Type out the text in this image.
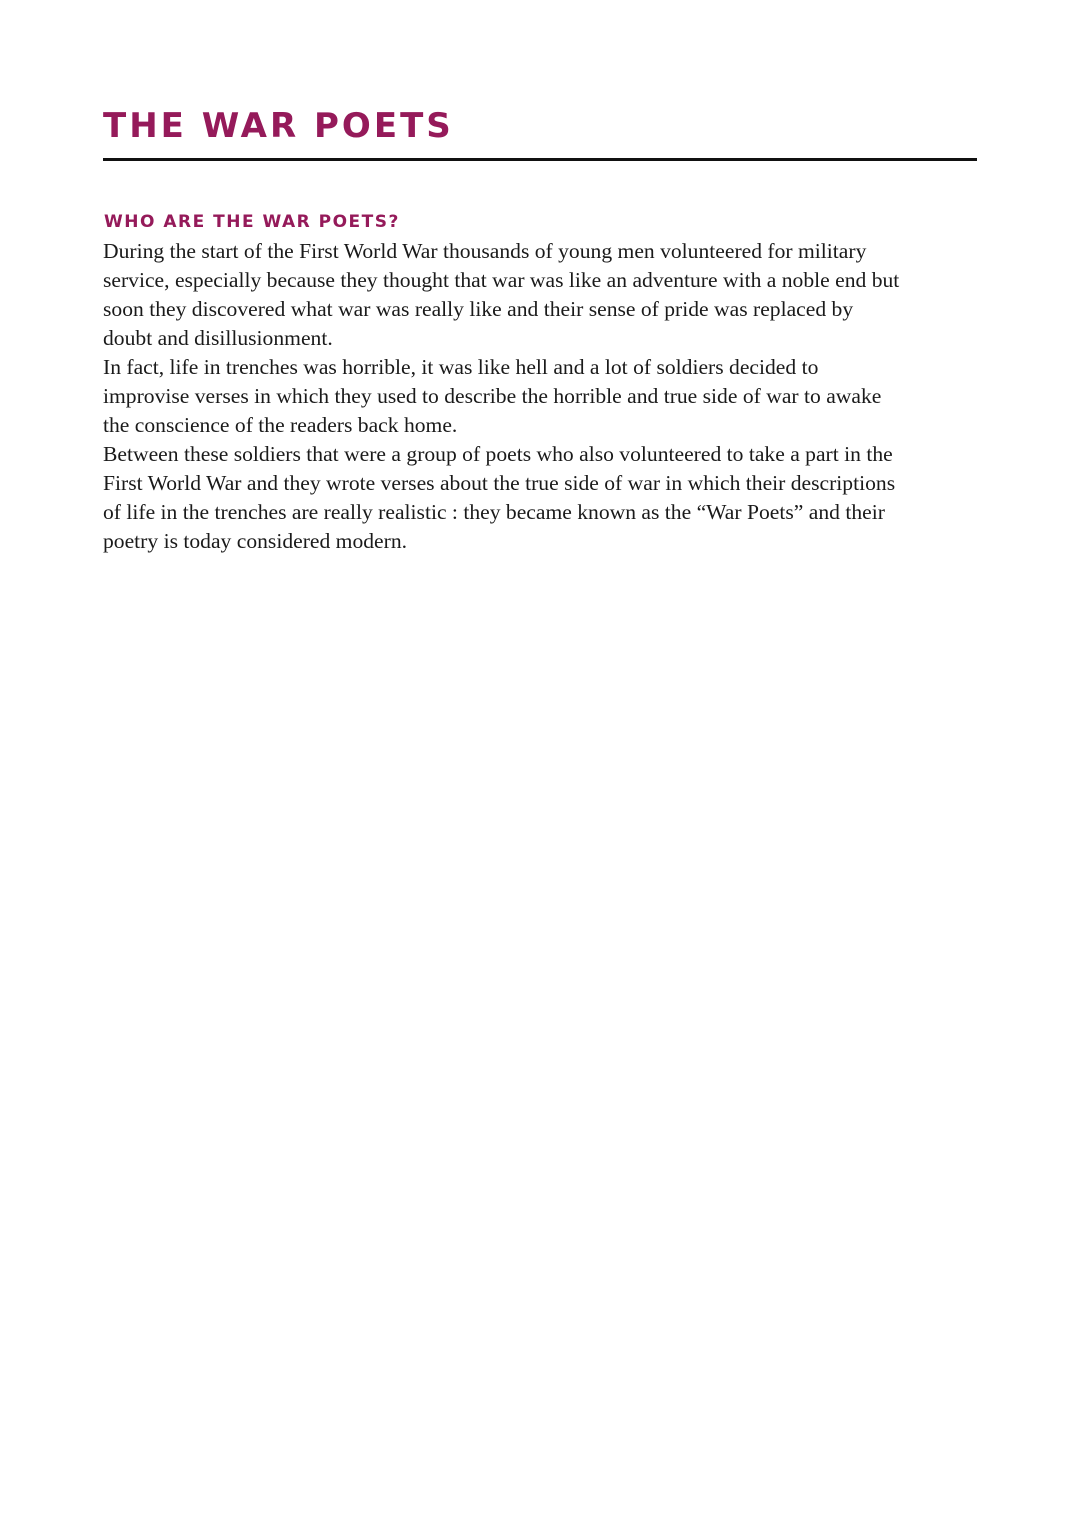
THE WAR POETS
WHO ARE THE WAR POETS?

During the start of the First World War thousands of young men volunteered for military
service, especially because they thought that war was like an adventure with a noble end but
soon they discovered what war was really like and their sense of pride was replaced by
doubt and disillusionment.

In fact, life in trenches was horrible, it was like hell and a lot of soldiers decided to
improvise verses in which they used to describe the horrible and true side of war to awake
the conscience of the readers back home.

Between these soldiers that were a group of poets who also volunteered to take a part in the
First World War and they wrote verses about the true side of war in which their descriptions
of life in the trenches are really realistic : they became known as the “War Poets” and their
poetry is today considered modern.
